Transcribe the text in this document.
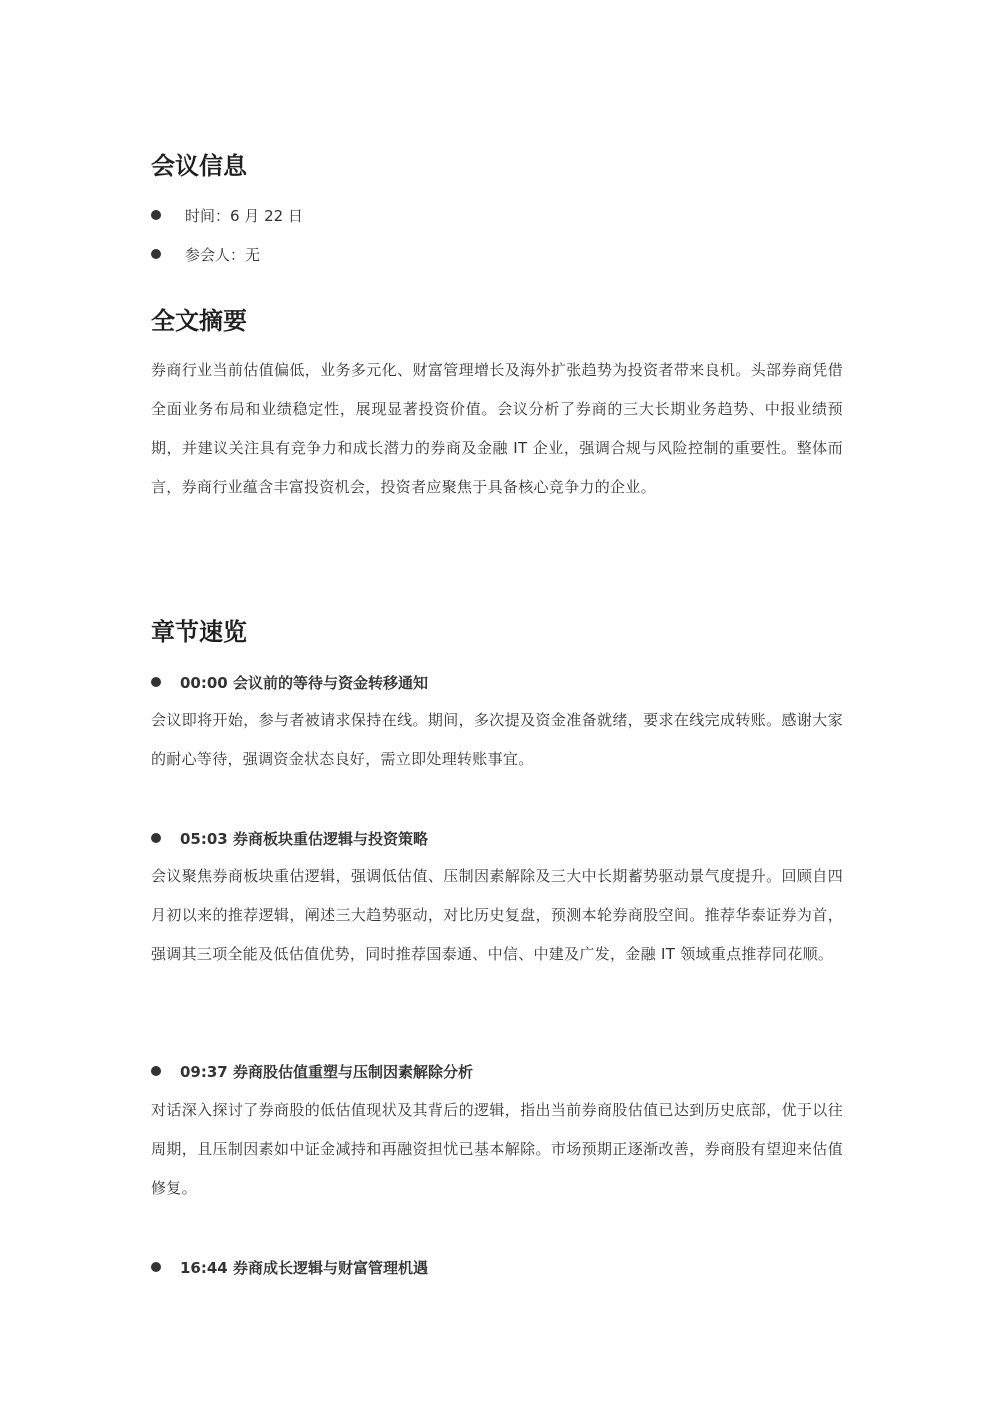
会议信息
时间：6 月 22 日
参会人：无
全文摘要

券商行业当前估值偏低，业务多元化、财富管理增长及海外扩张趋势为投资者带来良机。头部券商凭借全面业务布局和业绩稳定性，展现显著投资价值。会议分析了券商的三大长期业务趋势、中报业绩预期，并建议关注具有竞争力和成长潜力的券商及金融 IT 企业，强调合规与风险控制的重要性。整体而言，券商行业蕴含丰富投资机会，投资者应聚焦于具备核心竞争力的企业。

章节速览
00:00 会议前的等待与资金转移通知

会议即将开始，参与者被请求保持在线。期间，多次提及资金准备就绪，要求在线完成转账。感谢大家的耐心等待，强调资金状态良好，需立即处理转账事宜。

05:03 券商板块重估逻辑与投资策略

会议聚焦券商板块重估逻辑，强调低估值、压制因素解除及三大中长期蓄势驱动景气度提升。回顾自四月初以来的推荐逻辑，阐述三大趋势驱动，对比历史复盘，预测本轮券商股空间。推荐华泰证券为首，强调其三项全能及低估值优势，同时推荐国泰通、中信、中建及广发，金融 IT 领域重点推荐同花顺。

09:37 券商股估值重塑与压制因素解除分析

对话深入探讨了券商股的低估值现状及其背后的逻辑，指出当前券商股估值已达到历史底部，优于以往周期，且压制因素如中证金减持和再融资担忧已基本解除。市场预期正逐渐改善，券商股有望迎来估值修复。

16:44 券商成长逻辑与财富管理机遇
